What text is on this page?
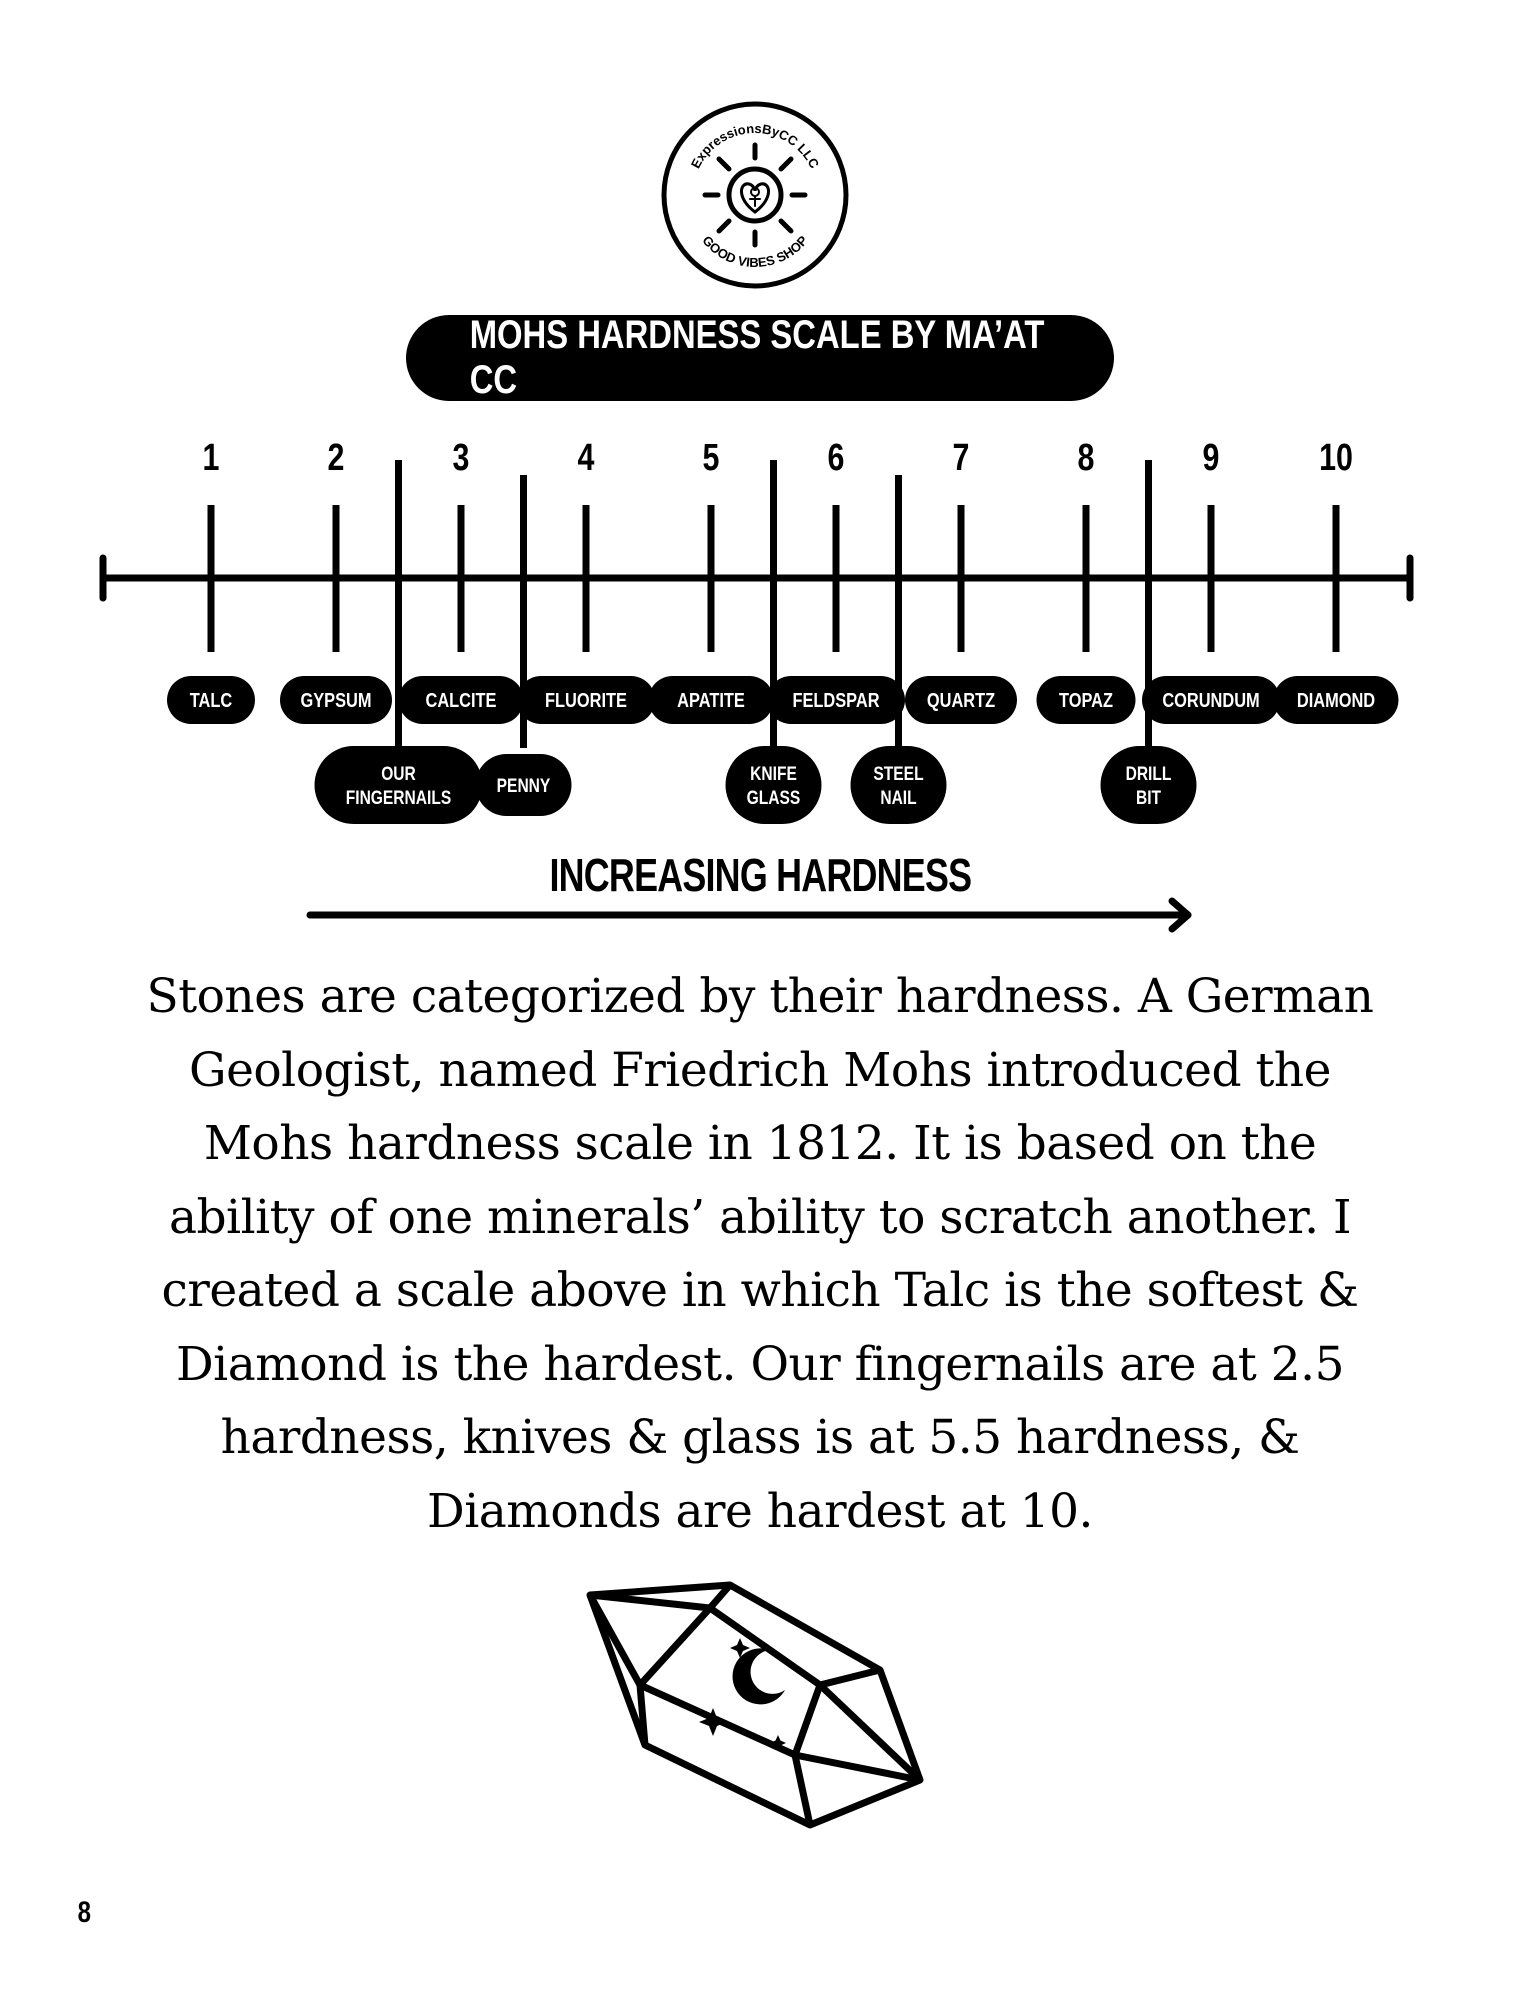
ExpressionsByCC LLC
GOOD VIBES SHOP
MOHS HARDNESS SCALE BY MA’AT CC
1
TALC
2
GYPSUM
3
CALCITE
4
FLUORITE
5
APATITE
6
FELDSPAR
7
QUARTZ
8
TOPAZ
9
CORUNDUM
10
DIAMOND
OUR
FINGERNAILS
PENNY
KNIFE
GLASS
STEEL
NAIL
DRILL
BIT
INCREASING HARDNESS
Stones are categorized by their hardness. A German
Geologist, named Friedrich Mohs introduced the
Mohs hardness scale in 1812. It is based on the
ability of one minerals’ ability to scratch another. I
created a scale above in which Talc is the softest &
Diamond is the hardest. Our fingernails are at 2.5
hardness, knives & glass is at 5.5 hardness, &
Diamonds are hardest at 10.
8
